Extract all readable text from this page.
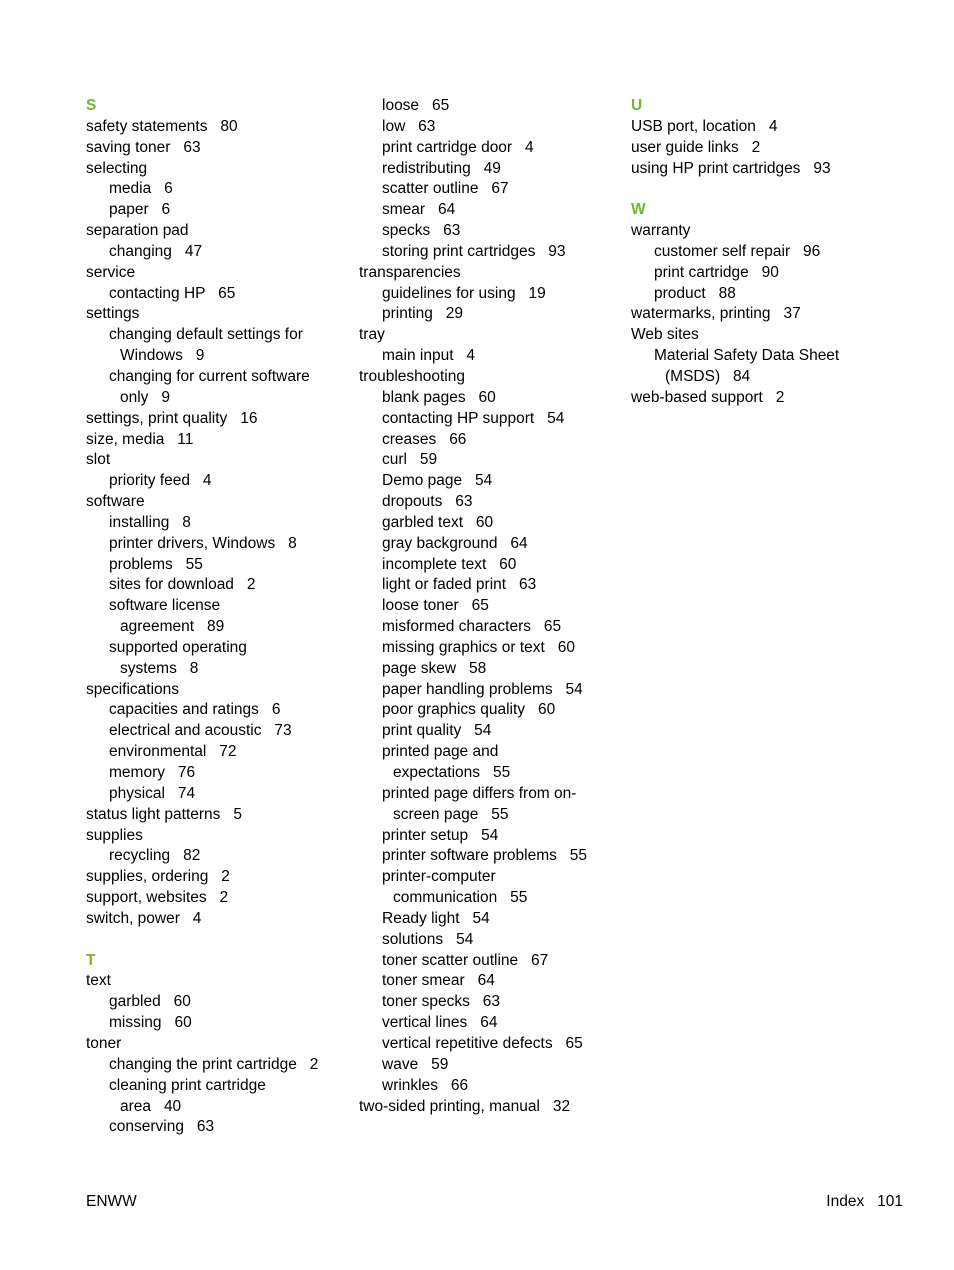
S
safety statements   80
saving toner   63
selecting
media   6
paper   6
separation pad
changing   47
service
contacting HP   65
settings
changing default settings for
Windows   9
changing for current software
only   9
settings, print quality   16
size, media   11
slot
priority feed   4
software
installing   8
printer drivers, Windows   8
problems   55
sites for download   2
software license
agreement   89
supported operating
systems   8
specifications
capacities and ratings   6
electrical and acoustic   73
environmental   72
memory   76
physical   74
status light patterns   5
supplies
recycling   82
supplies, ordering   2
support, websites   2
switch, power   4
T
text
garbled   60
missing   60
toner
changing the print cartridge   2
cleaning print cartridge
area   40
conserving   63
loose   65
low   63
print cartridge door   4
redistributing   49
scatter outline   67
smear   64
specks   63
storing print cartridges   93
transparencies
guidelines for using   19
printing   29
tray
main input   4
troubleshooting
blank pages   60
contacting HP support   54
creases   66
curl   59
Demo page   54
dropouts   63
garbled text   60
gray background   64
incomplete text   60
light or faded print   63
loose toner   65
misformed characters   65
missing graphics or text   60
page skew   58
paper handling problems   54
poor graphics quality   60
print quality   54
printed page and
expectations   55
printed page differs from on-
screen page   55
printer setup   54
printer software problems   55
printer-computer
communication   55
Ready light   54
solutions   54
toner scatter outline   67
toner smear   64
toner specks   63
vertical lines   64
vertical repetitive defects   65
wave   59
wrinkles   66
two-sided printing, manual   32
U
USB port, location   4
user guide links   2
using HP print cartridges   93
W
warranty
customer self repair   96
print cartridge   90
product   88
watermarks, printing   37
Web sites
Material Safety Data Sheet
(MSDS)   84
web-based support   2
ENWW	Index   101
